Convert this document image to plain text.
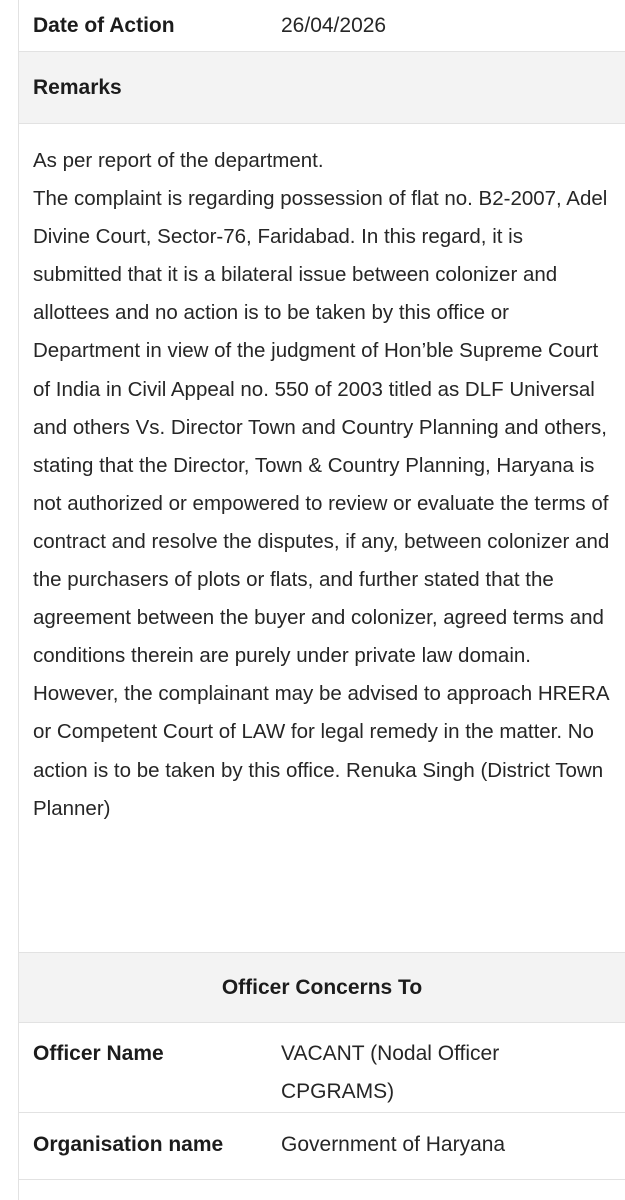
Date of Action	26/04/2026
Remarks

As per report of the department.

The complaint is regarding possession of flat no. B2-2007, Adel Divine Court, Sector-76, Faridabad. In this regard, it is submitted that it is a bilateral issue between colonizer and allottees and no action is to be taken by this office or Department in view of the judgment of Hon’ble Supreme Court of India in Civil Appeal no. 550 of 2003 titled as DLF Universal and others Vs. Director Town and Country Planning and others, stating that the Director, Town & Country Planning, Haryana is not authorized or empowered to review or evaluate the terms of contract and resolve the disputes, if any, between colonizer and the purchasers of plots or flats, and further stated that the agreement between the buyer and colonizer, agreed terms and conditions therein are purely under private law domain. However, the complainant may be advised to approach HRERA or Competent Court of LAW for legal remedy in the matter. No action is to be taken by this office. Renuka Singh (District Town Planner)

Officer Concerns To
Officer Name	VACANT (Nodal Officer CPGRAMS)
Organisation name	Government of Haryana
